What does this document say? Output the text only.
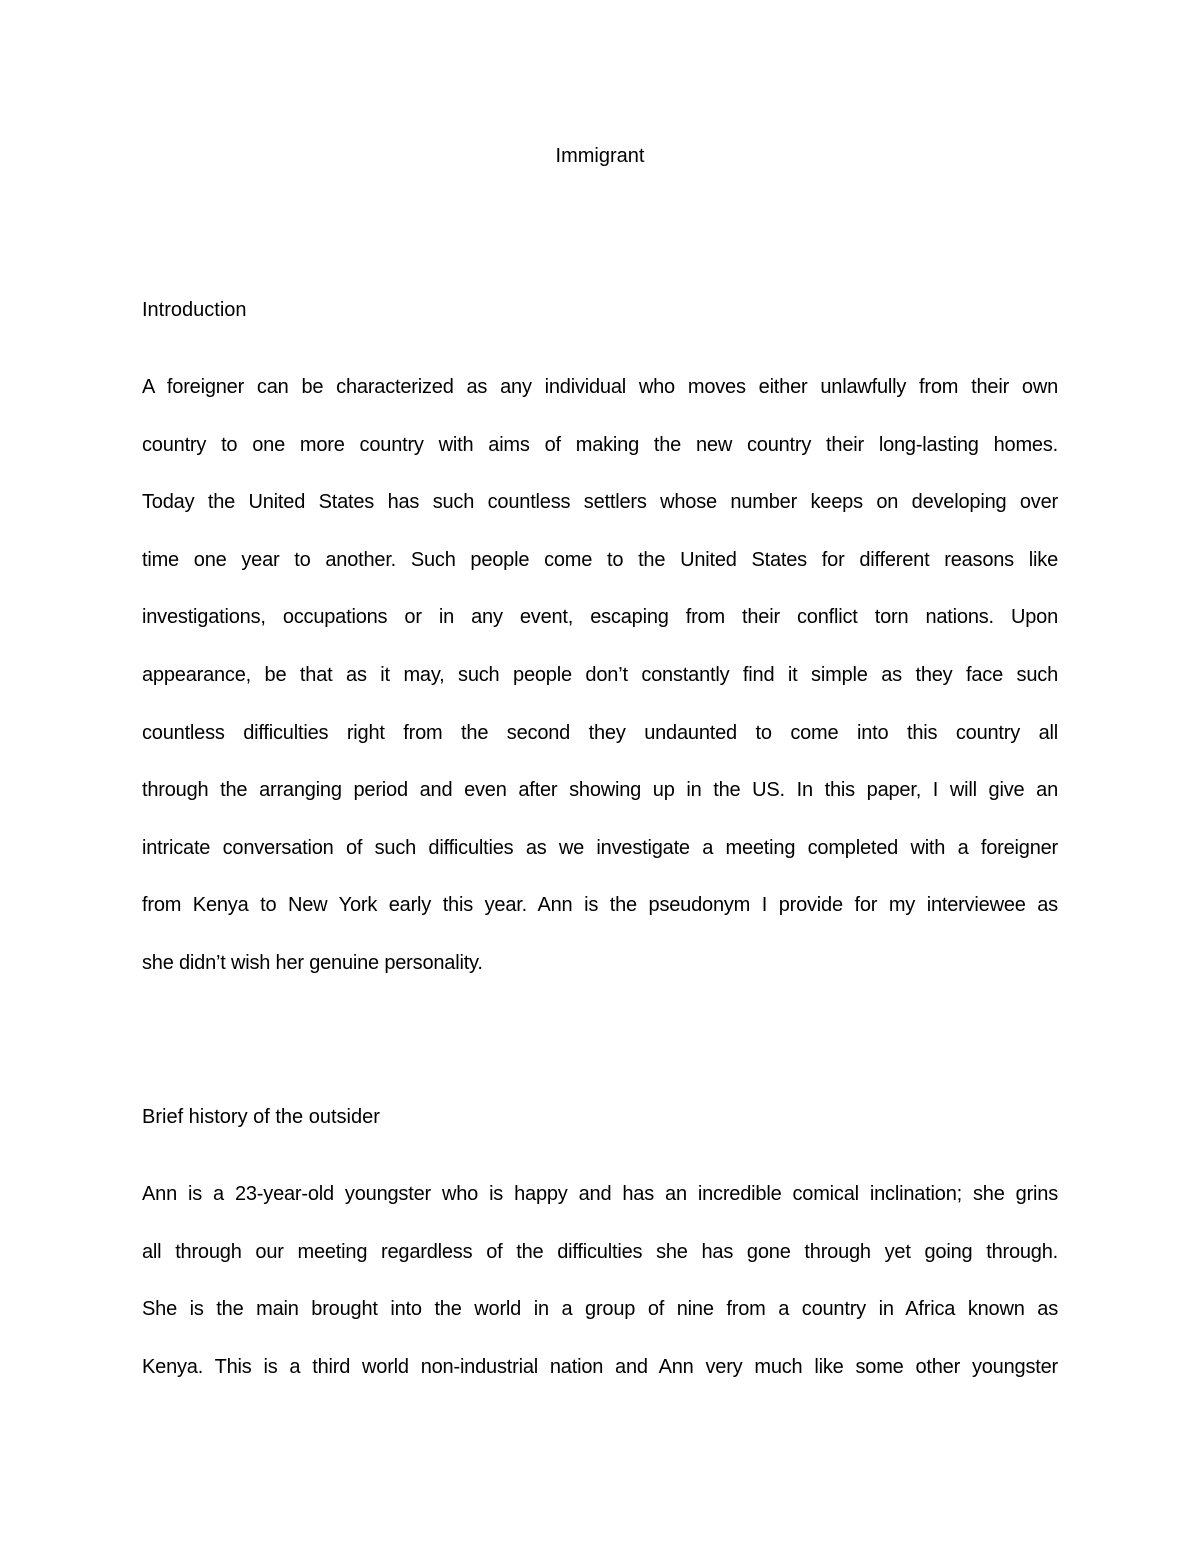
Immigrant
Introduction
A foreigner can be characterized as any individual who moves either unlawfully from their own
country to one more country with aims of making the new country their long-lasting homes.
Today the United States has such countless settlers whose number keeps on developing over
time one year to another. Such people come to the United States for different reasons like
investigations, occupations or in any event, escaping from their conflict torn nations. Upon
appearance, be that as it may, such people don’t constantly find it simple as they face such
countless difficulties right from the second they undaunted to come into this country all
through the arranging period and even after showing up in the US. In this paper, I will give an
intricate conversation of such difficulties as we investigate a meeting completed with a foreigner
from Kenya to New York early this year. Ann is the pseudonym I provide for my interviewee as
she didn’t wish her genuine personality.
Brief history of the outsider
Ann is a 23-year-old youngster who is happy and has an incredible comical inclination; she grins
all through our meeting regardless of the difficulties she has gone through yet going through.
She is the main brought into the world in a group of nine from a country in Africa known as
Kenya. This is a third world non-industrial nation and Ann very much like some other youngster
